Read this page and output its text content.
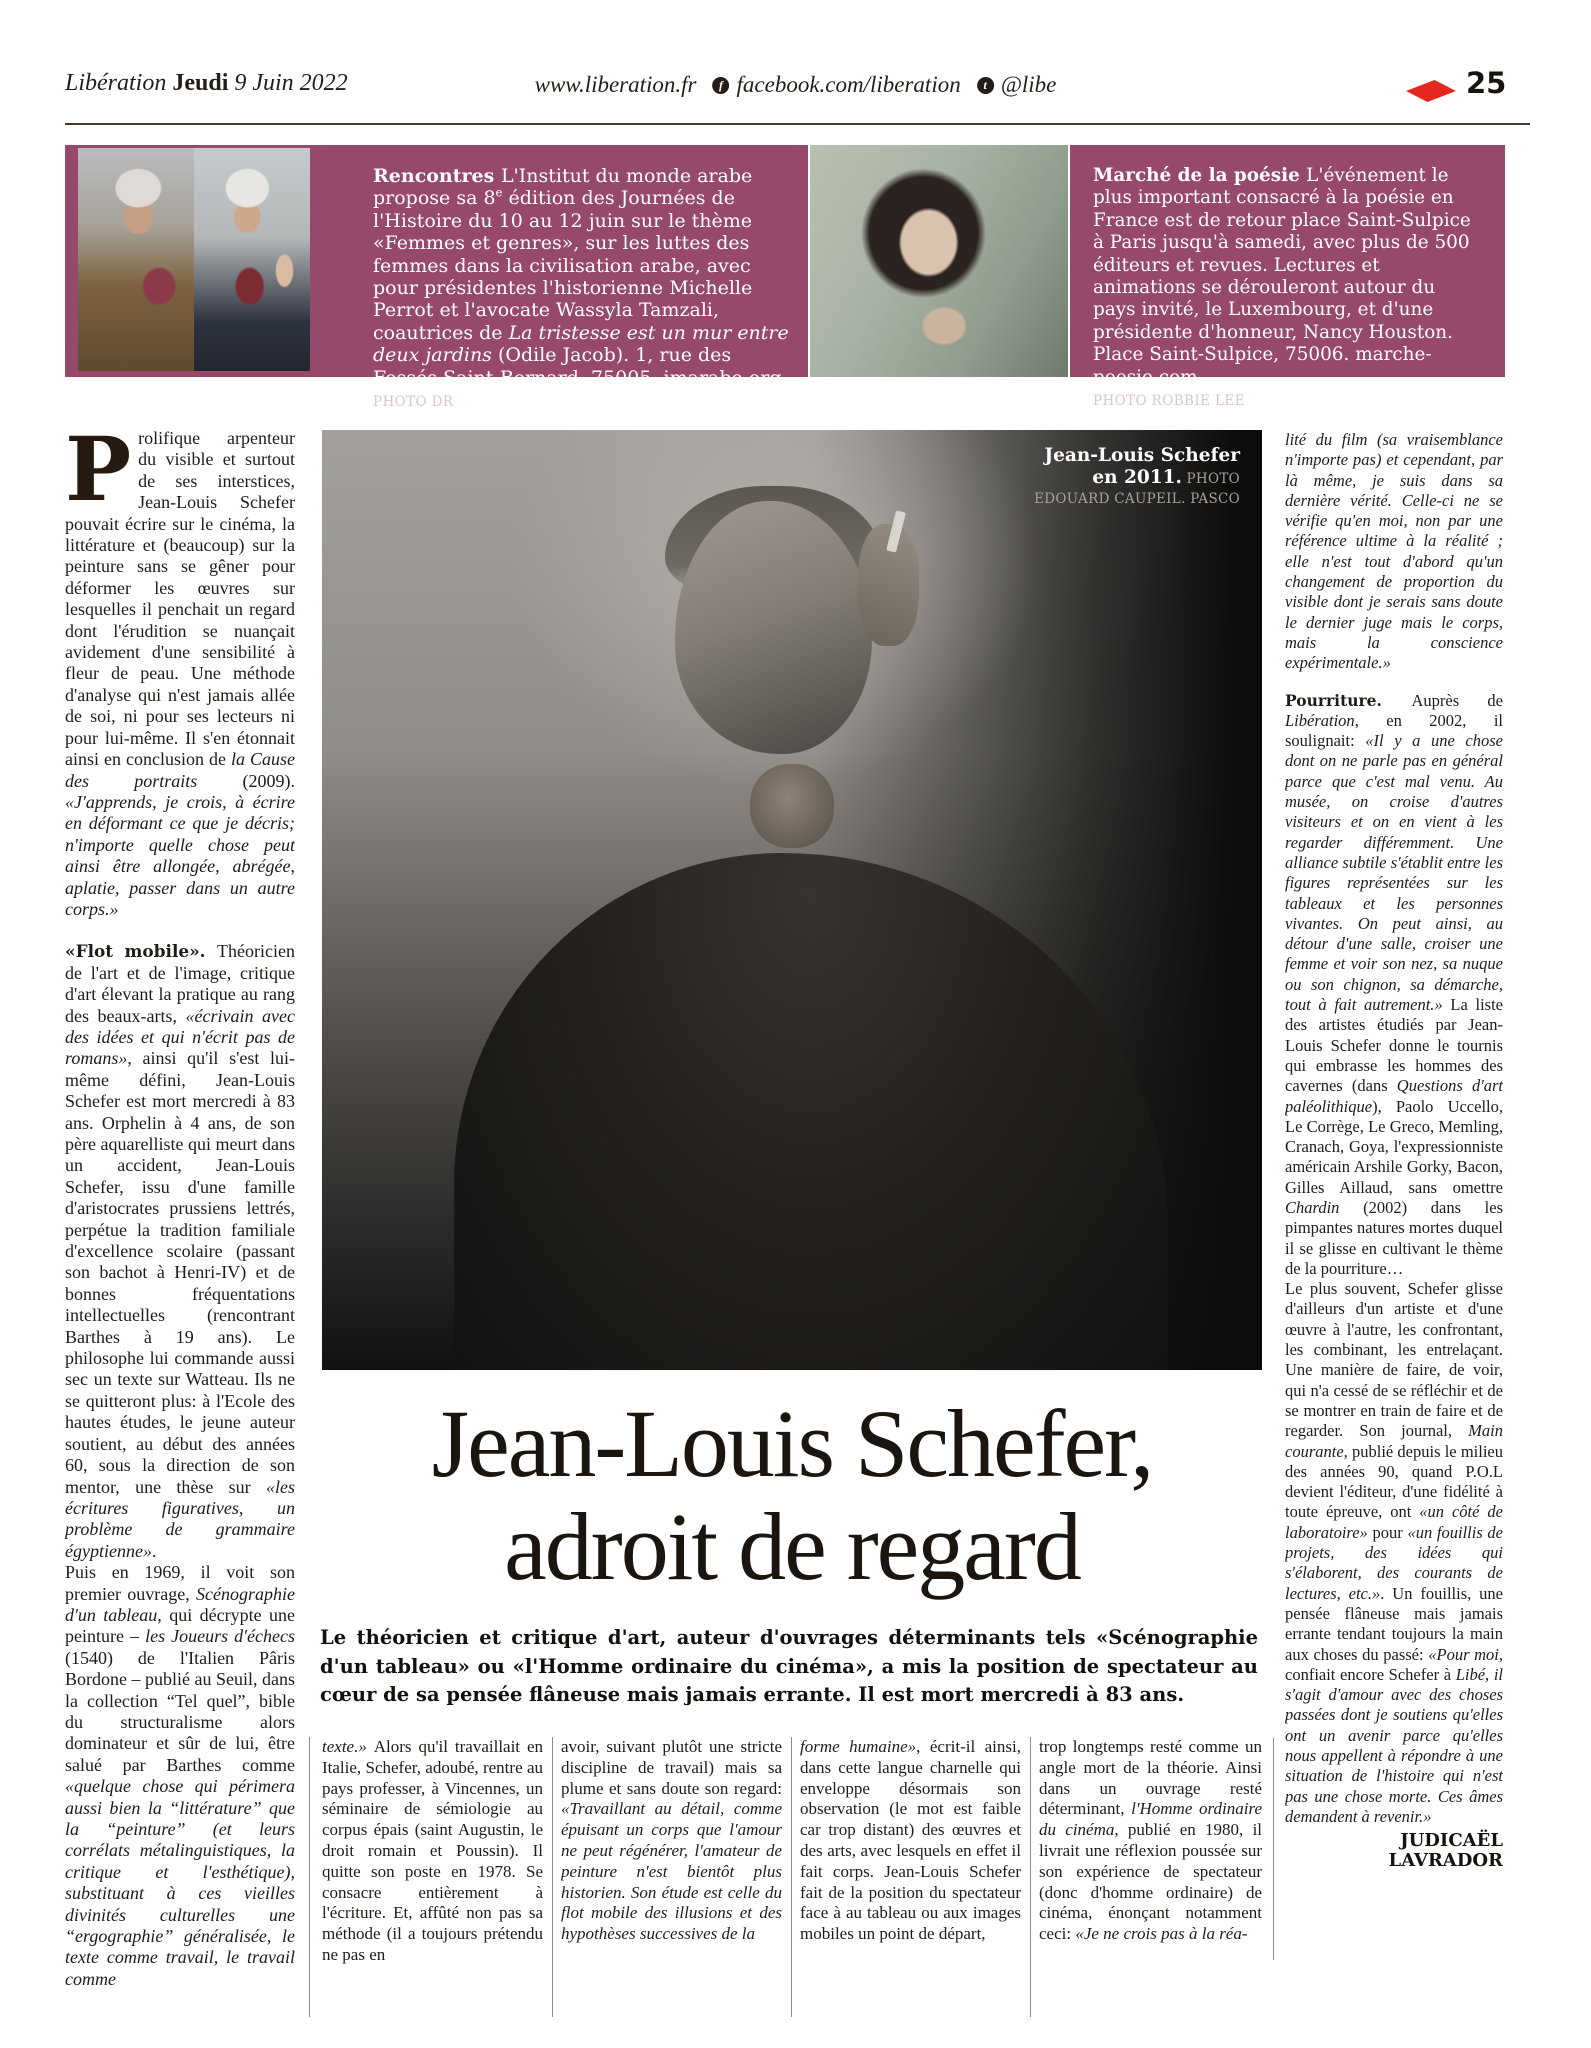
Libération Jeudi 9 Juin 2022	www.liberation.fr	f facebook.com/liberation	t @libe	25
Rencontres L'Institut du monde arabe propose sa 8e édition des Journées de l'Histoire du 10 au 12 juin sur le thème «Femmes et genres», sur les luttes des femmes dans la civilisation arabe, avec pour présidentes l'historienne Michelle Perrot et l'avocate Wassyla Tamzali, coautrices de La tristesse est un mur entre deux jardins (Odile Jacob). 1, rue des Fossés Saint-Bernard, 75005. imarabe.org. PHOTO DR
Marché de la poésie L'événement le plus important consacré à la poésie en France est de retour place Saint-Sulpice à Paris jusqu'à samedi, avec plus de 500 éditeurs et revues. Lectures et animations se dérouleront autour du pays invité, le Luxembourg, et d'une présidente d'honneur, Nancy Houston. Place Saint-Sulpice, 75006. marche-poesie.com.
PHOTO ROBBIE LEE

Prolifique arpenteur du visible et surtout de ses interstices, Jean-Louis Schefer pouvait écrire sur le cinéma, la littérature et (beaucoup) sur la peinture sans se gêner pour déformer les œuvres sur lesquelles il penchait un regard dont l'érudition se nuançait avidement d'une sensibilité à fleur de peau. Une méthode d'analyse qui n'est jamais allée de soi, ni pour ses lecteurs ni pour lui-même. Il s'en étonnait ainsi en conclusion de la Cause des portraits (2009). «J'apprends, je crois, à écrire en déformant ce que je décris; n'importe quelle chose peut ainsi être allongée, abrégée, aplatie, passer dans un autre corps.»

«Flot mobile». Théoricien de l'art et de l'image, critique d'art élevant la pratique au rang des beaux-arts, «écrivain avec des idées et qui n'écrit pas de romans», ainsi qu'il s'est lui-même défini, Jean-Louis Schefer est mort mercredi à 83 ans. Orphelin à 4 ans, de son père aquarelliste qui meurt dans un accident, Jean-Louis Schefer, issu d'une famille d'aristocrates prussiens lettrés, perpétue la tradition familiale d'excellence scolaire (passant son bachot à Henri-IV) et de bonnes fréquentations intellectuelles (rencontrant Barthes à 19 ans). Le philosophe lui commande aussi sec un texte sur Watteau. Ils ne se quitteront plus: à l'Ecole des hautes études, le jeune auteur soutient, au début des années 60, sous la direction de son mentor, une thèse sur «les écritures figuratives, un problème de grammaire égyptienne».

Puis en 1969, il voit son premier ouvrage, Scénographie d'un tableau, qui décrypte une peinture – les Joueurs d'échecs (1540) de l'Italien Pâris Bordone – publié au Seuil, dans la collection “Tel quel”, bible du structuralisme alors dominateur et sûr de lui, être salué par Barthes comme «quelque chose qui périmera aussi bien la “littérature” que la “peinture” (et leurs corrélats métalinguistiques, la critique et l'esthétique), substituant à ces vieilles divinités culturelles une “ergographie” généralisée, le texte comme travail, le travail comme

Jean-Louis Schefer
en 2011. PHOTO
EDOUARD CAUPEIL. PASCO
Jean-Louis Schefer,
adroit de regard
Le théoricien et critique d'art, auteur d'ouvrages déterminants tels «Scénographie d'un tableau» ou «l'Homme ordinaire du cinéma», a mis la position de spectateur au cœur de sa pensée flâneuse mais jamais errante. Il est mort mercredi à 83 ans.
texte.» Alors qu'il travaillait en Italie, Schefer, adoubé, rentre au pays professer, à Vincennes, un séminaire de sémiologie au corpus épais (saint Augustin, le droit romain et Poussin). Il quitte son poste en 1978. Se consacre entièrement à l'écriture. Et, affûté non pas sa méthode (il a toujours prétendu ne pas en
avoir, suivant plutôt une stricte discipline de travail) mais sa plume et sans doute son regard: «Travaillant au détail, comme épuisant un corps que l'amour ne peut régénérer, l'amateur de peinture n'est bientôt plus historien. Son étude est celle du flot mobile des illusions et des hypothèses successives de la
forme humaine», écrit-il ainsi, dans cette langue charnelle qui enveloppe désormais son observation (le mot est faible car trop distant) des œuvres et des arts, avec lesquels en effet il fait corps. Jean-Louis Schefer fait de la position du spectateur face à au tableau ou aux images mobiles un point de départ,
trop longtemps resté comme un angle mort de la théorie. Ainsi dans un ouvrage resté déterminant, l'Homme ordinaire du cinéma, publié en 1980, il livrait une réflexion poussée sur son expérience de spectateur (donc d'homme ordinaire) de cinéma, énonçant notamment ceci: «Je ne crois pas à la réa-

lité du film (sa vraisemblance n'importe pas) et cependant, par là même, je suis dans sa dernière vérité. Celle-ci ne se vérifie qu'en moi, non par une référence ultime à la réalité ; elle n'est tout d'abord qu'un changement de proportion du visible dont je serais sans doute le dernier juge mais le corps, mais la conscience expérimentale.»

Pourriture. Auprès de Libération, en 2002, il soulignait: «Il y a une chose dont on ne parle pas en général parce que c'est mal venu. Au musée, on croise d'autres visiteurs et on en vient à les regarder différemment. Une alliance subtile s'établit entre les figures représentées sur les tableaux et les personnes vivantes. On peut ainsi, au détour d'une salle, croiser une femme et voir son nez, sa nuque ou son chignon, sa démarche, tout à fait autrement.» La liste des artistes étudiés par Jean-Louis Schefer donne le tournis qui embrasse les hommes des cavernes (dans Questions d'art paléolithique), Paolo Uccello, Le Corrège, Le Greco, Memling, Cranach, Goya, l'expressionniste américain Arshile Gorky, Bacon, Gilles Aillaud, sans omettre Chardin (2002) dans les pimpantes natures mortes duquel il se glisse en cultivant le thème de la pourriture…

Le plus souvent, Schefer glisse d'ailleurs d'un artiste et d'une œuvre à l'autre, les confrontant, les combinant, les entrelaçant. Une manière de faire, de voir, qui n'a cessé de se réfléchir et de se montrer en train de faire et de regarder. Son journal, Main courante, publié depuis le milieu des années 90, quand P.O.L devient l'éditeur, d'une fidélité à toute épreuve, ont «un côté de laboratoire» pour «un fouillis de projets, des idées qui s'élaborent, des courants de lectures, etc.». Un fouillis, une pensée flâneuse mais jamais errante tendant toujours la main aux choses du passé: «Pour moi, confiait encore Schefer à Libé, il s'agit d'amour avec des choses passées dont je soutiens qu'elles ont un avenir parce qu'elles nous appellent à répondre à une situation de l'histoire qui n'est pas une chose morte. Ces âmes demandent à revenir.»

JUDICAËL LAVRADOR
